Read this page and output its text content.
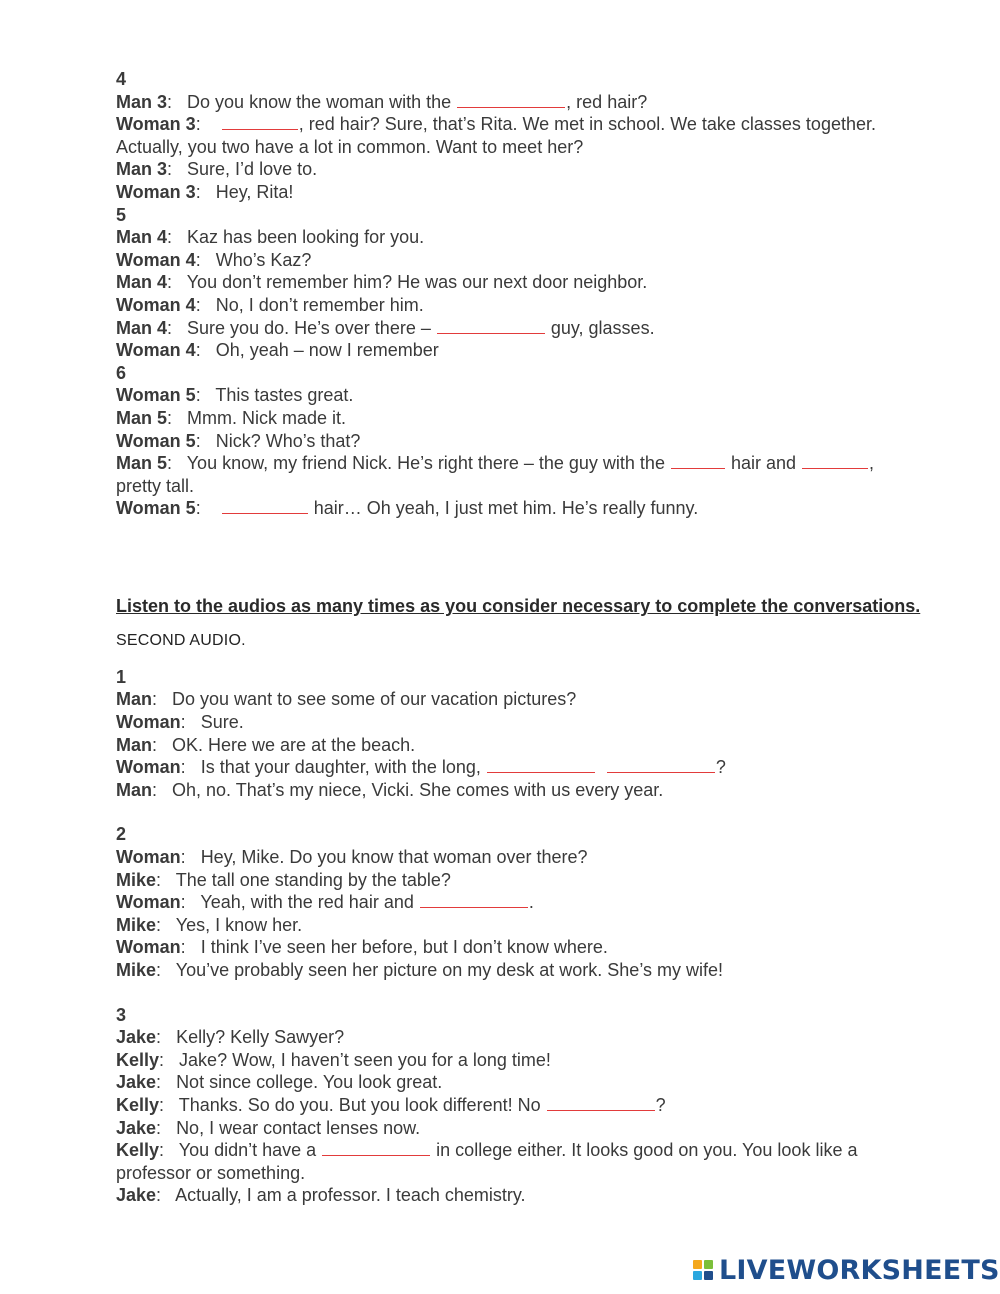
4
Man 3:   Do you know the woman with the	, red hair?
Woman 3:	, red hair? Sure, that’s Rita. We met in school. We take classes together.
Actually, you two have a lot in common. Want to meet her?
Man 3:   Sure, I’d love to.
Woman 3:   Hey, Rita!
5
Man 4:   Kaz has been looking for you.
Woman 4:   Who’s Kaz?
Man 4:   You don’t remember him? He was our next door neighbor.
Woman 4:   No, I don’t remember him.
Man 4:   Sure you do. He’s over there –	guy, glasses.
Woman 4:   Oh, yeah – now I remember
6
Woman 5:   This tastes great.
Man 5:   Mmm. Nick made it.
Woman 5:   Nick? Who’s that?
Man 5:   You know, my friend Nick. He’s right there – the guy with the	hair and	,
pretty tall.
Woman 5:	hair… Oh yeah, I just met him. He’s really funny.
Listen to the audios as many times as you consider necessary to complete the conversations.
SECOND AUDIO.
1
Man:   Do you want to see some of our vacation pictures?
Woman:   Sure.
Man:   OK. Here we are at the beach.
Woman:   Is that your daughter, with the long,	?
Man:   Oh, no. That’s my niece, Vicki. She comes with us every year.
2
Woman:   Hey, Mike. Do you know that woman over there?
Mike:   The tall one standing by the table?
Woman:   Yeah, with the red hair and	.
Mike:   Yes, I know her.
Woman:   I think I’ve seen her before, but I don’t know where.
Mike:   You’ve probably seen her picture on my desk at work. She’s my wife!
3
Jake:   Kelly? Kelly Sawyer?
Kelly:   Jake? Wow, I haven’t seen you for a long time!
Jake:   Not since college. You look great.
Kelly:   Thanks. So do you. But you look different! No	?
Jake:   No, I wear contact lenses now.
Kelly:   You didn’t have a	in college either. It looks good on you. You look like a
professor or something.
Jake:   Actually, I am a professor. I teach chemistry.
LIVEWORKSHEETS
